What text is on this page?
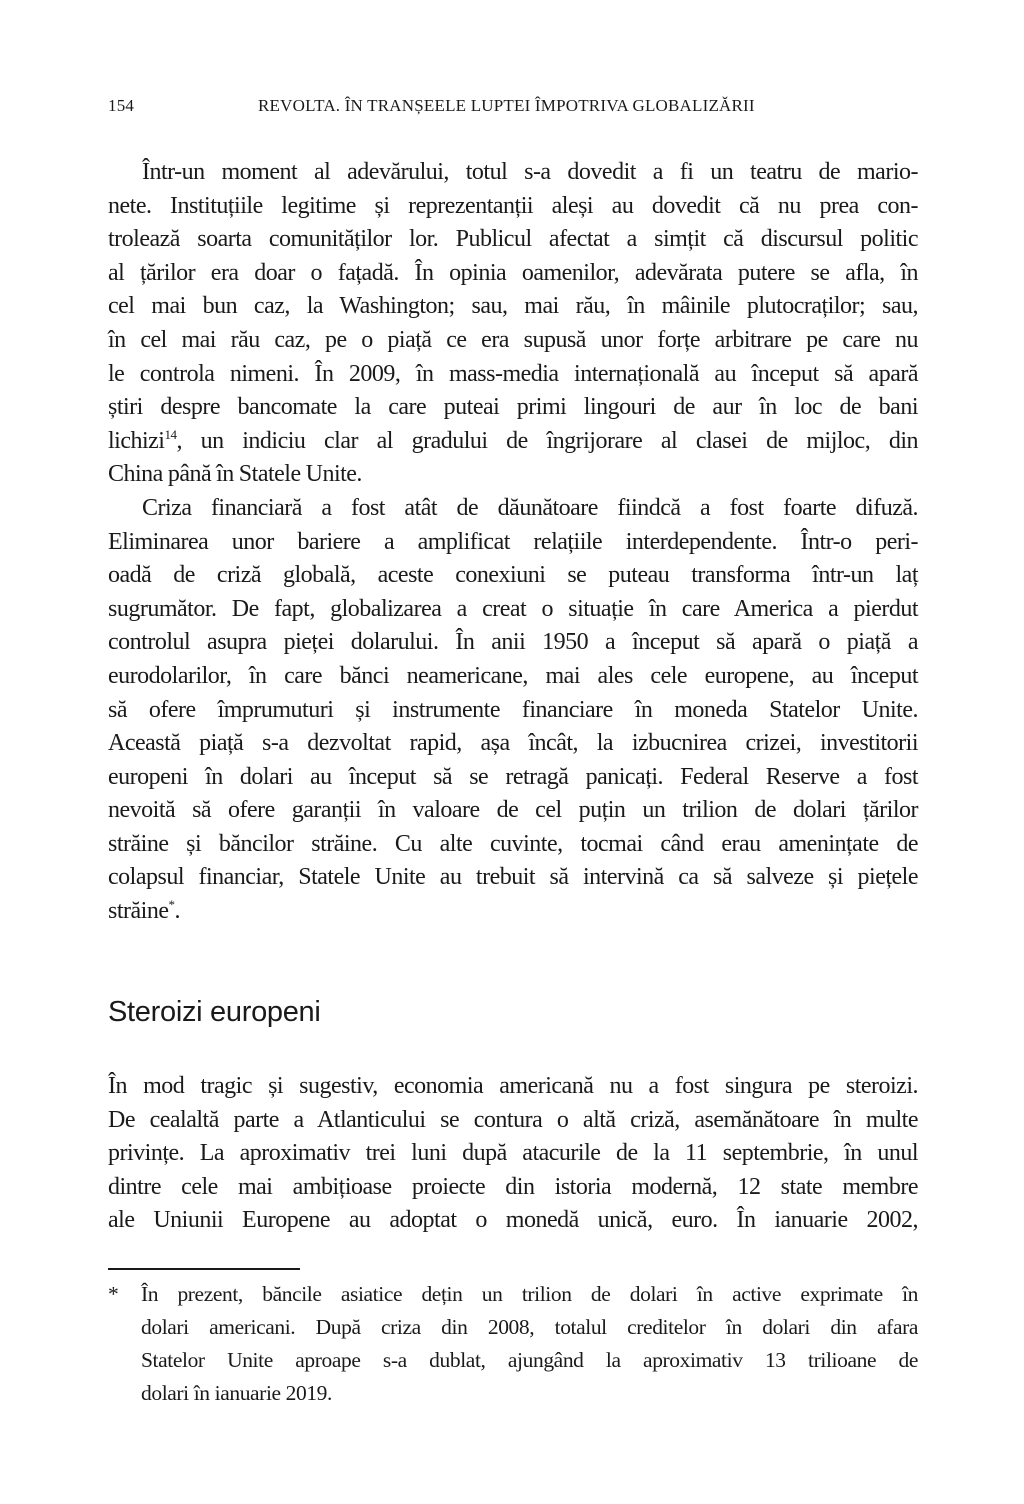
154	REVOLTA. ÎN TRANȘEELE LUPTEI ÎMPOTRIVA GLOBALIZĂRII

Într-un moment al adevărului, totul s-a dovedit a fi un teatru de mario-
nete. Instituțiile legitime și reprezentanții aleși au dovedit că nu prea con-
trolează soarta comunităților lor. Publicul afectat a simțit că discursul politic
al țărilor era doar o fațadă. În opinia oamenilor, adevărata putere se afla, în
cel mai bun caz, la Washington; sau, mai rău, în mâinile plutocraților; sau,
în cel mai rău caz, pe o piață ce era supusă unor forțe arbitrare pe care nu
le controla nimeni. În 2009, în mass-media internațională au început să apară
știri despre bancomate la care puteai primi lingouri de aur în loc de bani
lichizi$^{14}$, un indiciu clar al gradului de îngrijorare al clasei de mijloc, din
China până în Statele Unite.

Criza financiară a fost atât de dăunătoare fiindcă a fost foarte difuză.
Eliminarea unor bariere a amplificat relațiile interdependente. Într-o peri-
oadă de criză globală, aceste conexiuni se puteau transforma într-un laț
sugrumător. De fapt, globalizarea a creat o situație în care America a pierdut
controlul asupra pieței dolarului. În anii 1950 a început să apară o piață a
eurodolarilor, în care bănci neamericane, mai ales cele europene, au început
să ofere împrumuturi și instrumente financiare în moneda Statelor Unite.
Această piață s-a dezvoltat rapid, așa încât, la izbucnirea crizei, investitorii
europeni în dolari au început să se retragă panicați. Federal Reserve a fost
nevoită să ofere garanții în valoare de cel puțin un trilion de dolari țărilor
străine și băncilor străine. Cu alte cuvinte, tocmai când erau amenințate de
colapsul financiar, Statele Unite au trebuit să intervină ca să salveze și piețele
străine*.

Steroizi europeni

În mod tragic și sugestiv, economia americană nu a fost singura pe steroizi.
De cealaltă parte a Atlanticului se contura o altă criză, asemănătoare în multe
privințe. La aproximativ trei luni după atacurile de la 11 septembrie, în unul
dintre cele mai ambițioase proiecte din istoria modernă, 12 state membre
ale Uniunii Europene au adoptat o monedă unică, euro. În ianuarie 2002,

*	În prezent, băncile asiatice dețin un trilion de dolari în active exprimate în
dolari americani. După criza din 2008, totalul creditelor în dolari din afara
Statelor Unite aproape s-a dublat, ajungând la aproximativ 13 trilioane de
dolari în ianuarie 2019.
